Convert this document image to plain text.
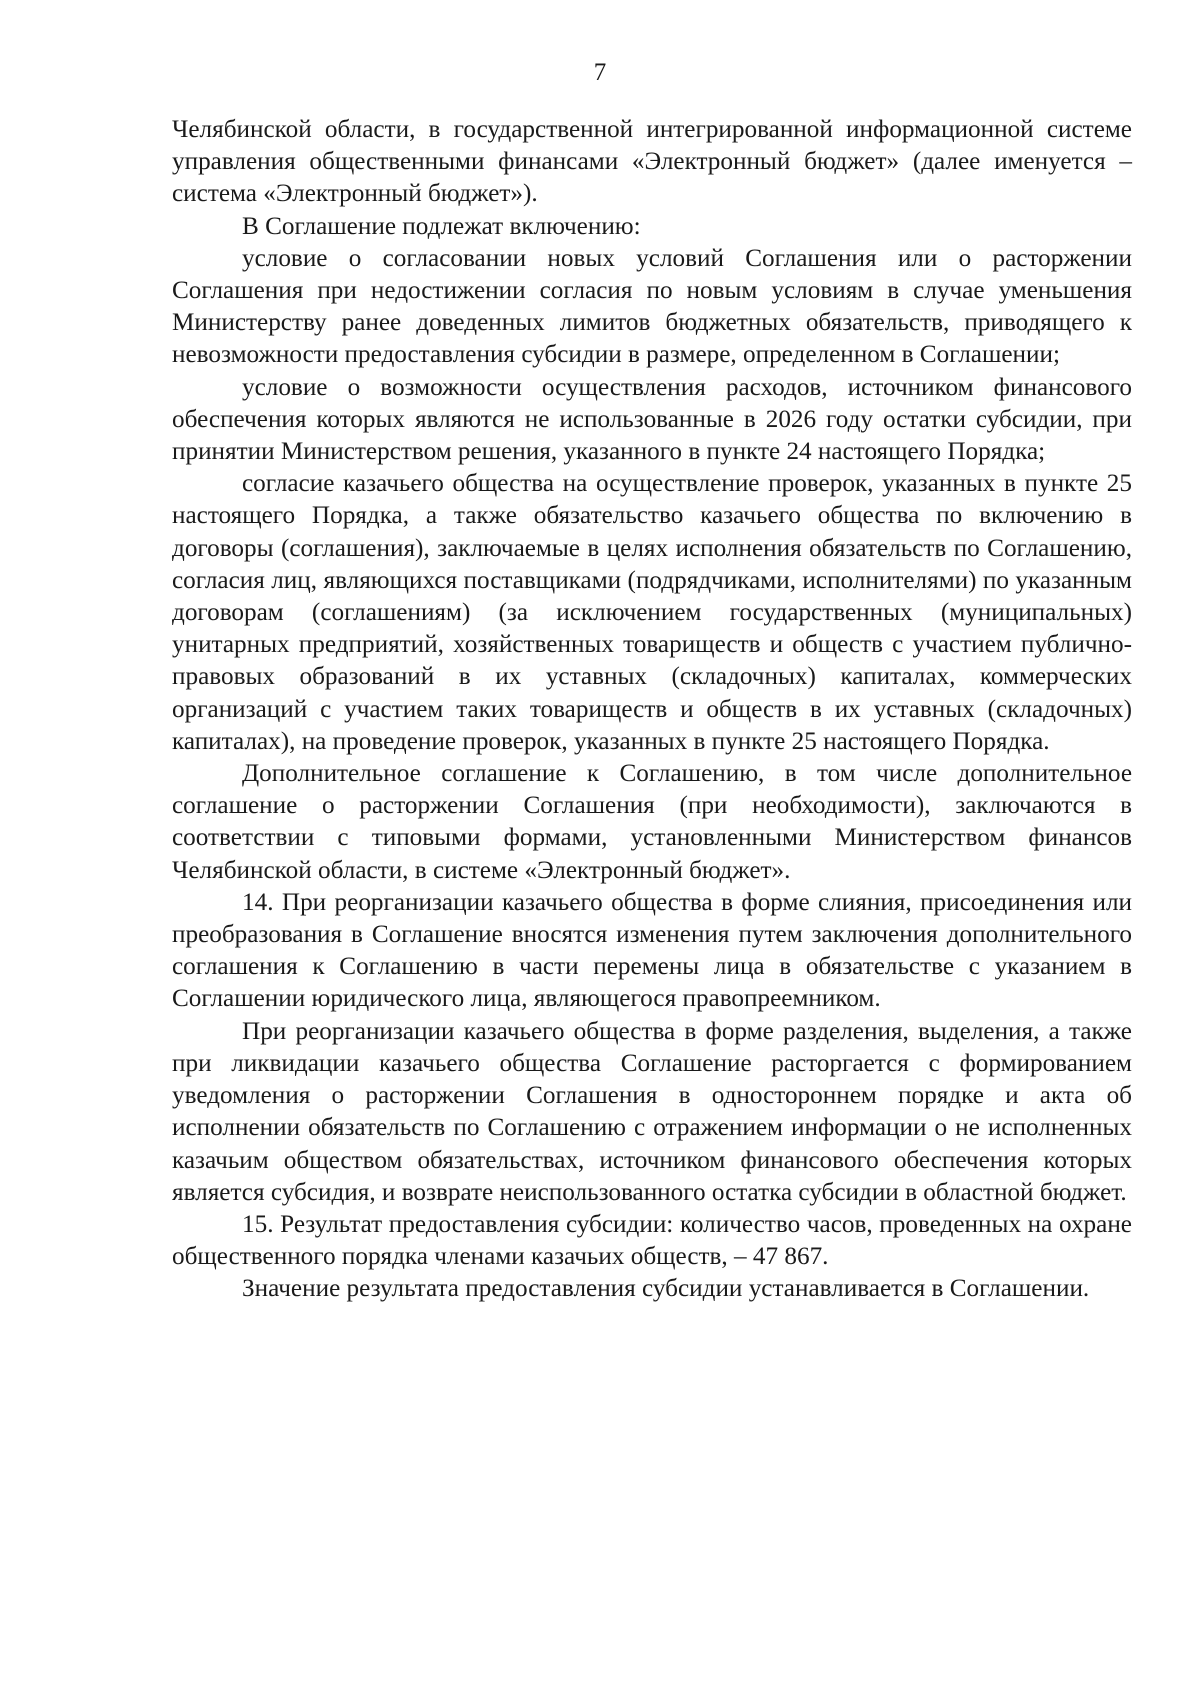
7

Челябинской области, в государственной интегрированной информационной системе управления общественными финансами «Электронный бюджет» (далее именуется – система «Электронный бюджет»).

В Соглашение подлежат включению:

условие о согласовании новых условий Соглашения или о расторжении Соглашения при недостижении согласия по новым условиям в случае уменьшения Министерству ранее доведенных лимитов бюджетных обязательств, приводящего к невозможности предоставления субсидии в размере, определенном в Соглашении;

условие о возможности осуществления расходов, источником финансового обеспечения которых являются не использованные в 2026 году остатки субсидии, при принятии Министерством решения, указанного в пункте 24 настоящего Порядка;

согласие казачьего общества на осуществление проверок, указанных в пункте 25 настоящего Порядка, а также обязательство казачьего общества по включению в договоры (соглашения), заключаемые в целях исполнения обязательств по Соглашению, согласия лиц, являющихся поставщиками (подрядчиками, исполнителями) по указанным договорам (соглашениям) (за исключением государственных (муниципальных) унитарных предприятий, хозяйственных товариществ и обществ с участием публично-правовых образований в их уставных (складочных) капиталах, коммерческих организаций с участием таких товариществ и обществ в их уставных (складочных) капиталах), на проведение проверок, указанных в пункте 25 настоящего Порядка.

Дополнительное соглашение к Соглашению, в том числе дополнительное соглашение о расторжении Соглашения (при необходимости), заключаются в соответствии с типовыми формами, установленными Министерством финансов Челябинской области, в системе «Электронный бюджет».

14. При реорганизации казачьего общества в форме слияния, присоединения или преобразования в Соглашение вносятся изменения путем заключения дополнительного соглашения к Соглашению в части перемены лица в обязательстве с указанием в Соглашении юридического лица, являющегося правопреемником.

При реорганизации казачьего общества в форме разделения, выделения, а также при ликвидации казачьего общества Соглашение расторгается с формированием уведомления о расторжении Соглашения в одностороннем порядке и акта об исполнении обязательств по Соглашению с отражением информации о не исполненных казачьим обществом обязательствах, источником финансового обеспечения которых является субсидия, и возврате неиспользованного остатка субсидии в областной бюджет.

15. Результат предоставления субсидии: количество часов, проведенных на охране общественного порядка членами казачьих обществ, – 47 867.

Значение результата предоставления субсидии устанавливается в Соглашении.
